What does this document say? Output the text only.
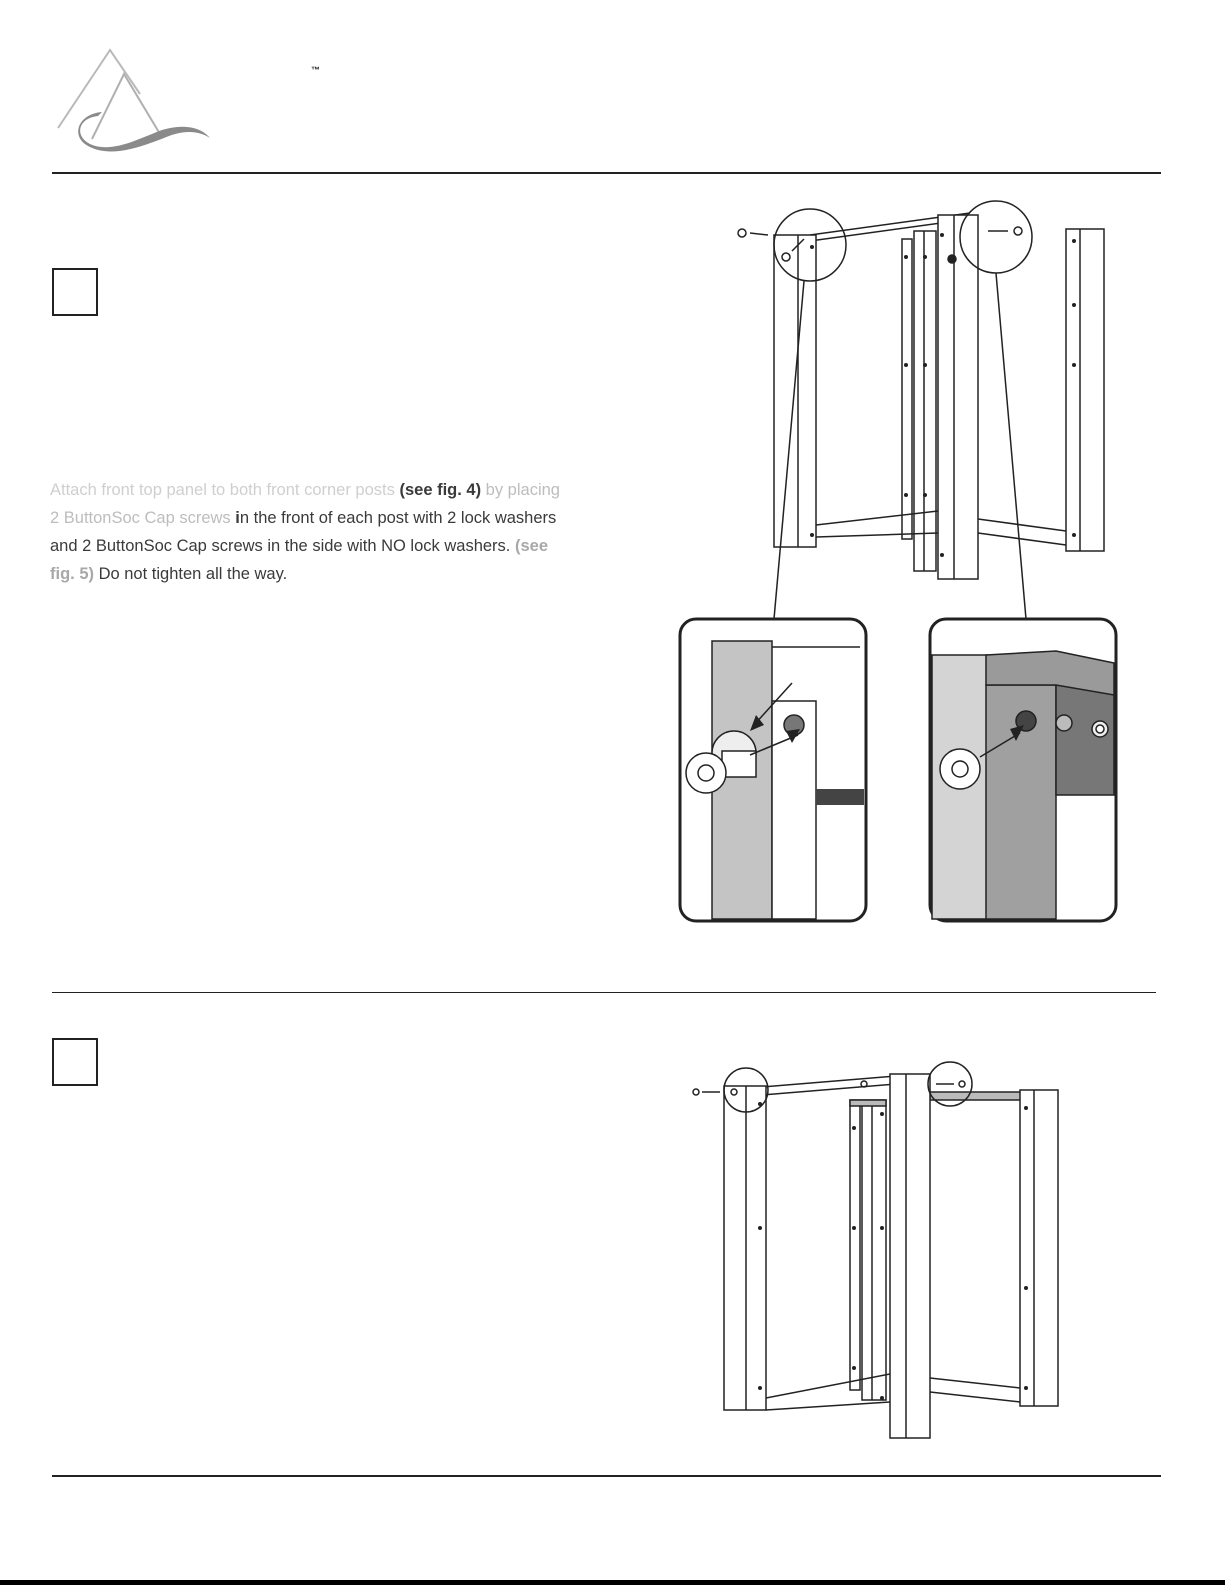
™
Attach front top panel to both front corner posts (see fig. 4) by placing 2 ButtonSoc Cap screws in the front of each post with 2 lock washers and 2 ButtonSoc Cap screws in the side with NO lock washers. (see fig. 5) Do not tighten all the way.
